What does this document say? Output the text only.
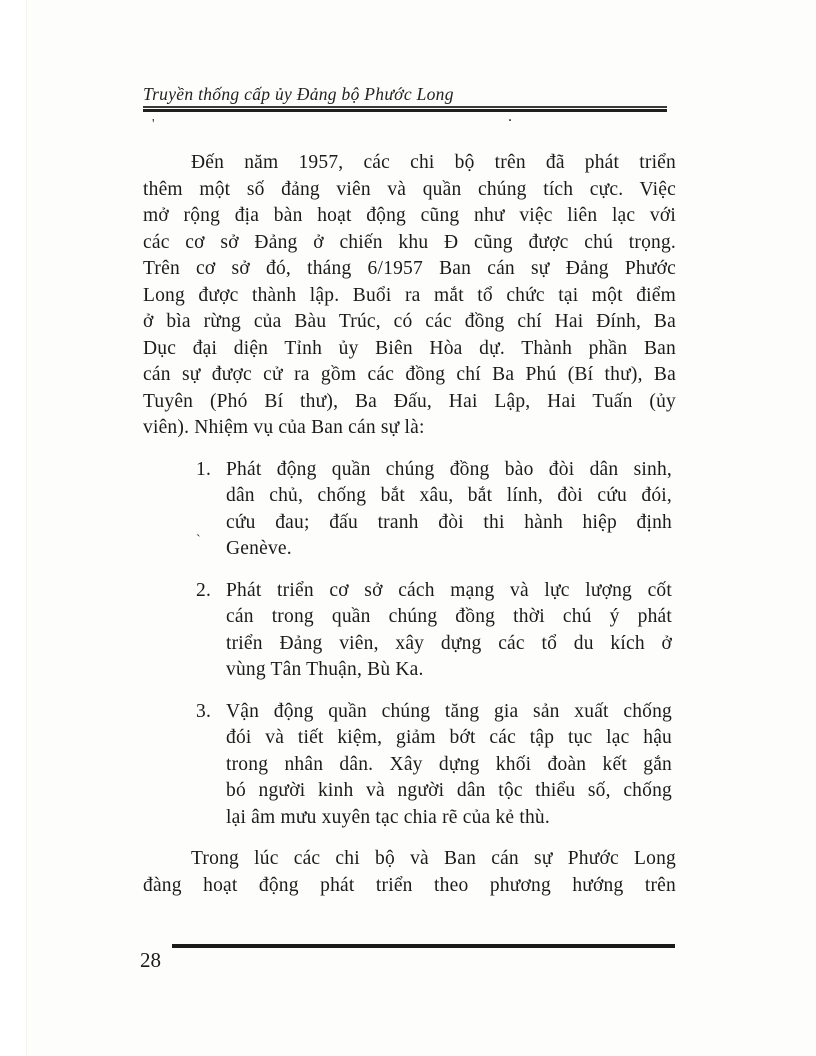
Truyền thống cấp ủy Đảng bộ Phước Long
'	.
`
Đến năm 1957, các chi bộ trên đã phát triển
thêm một số đảng viên và quần chúng tích cực. Việc
mở rộng địa bàn hoạt động cũng như việc liên lạc với
các cơ sở Đảng ở chiến khu Đ cũng được chú trọng.
Trên cơ sở đó, tháng 6/1957 Ban cán sự Đảng Phước
Long được thành lập. Buổi ra mắt tổ chức tại một điểm
ở bìa rừng của Bàu Trúc, có các đồng chí Hai Đính, Ba
Dục đại diện Tỉnh ủy Biên Hòa dự. Thành phần Ban
cán sự được cử ra gồm các đồng chí Ba Phú (Bí thư), Ba
Tuyên (Phó Bí thư), Ba Đấu, Hai Lập, Hai Tuấn (ủy
viên). Nhiệm vụ của Ban cán sự là:
1. Phát động quần chúng đồng bào đòi dân sinh,
dân chủ, chống bắt xâu, bắt lính, đòi cứu đói,
cứu đau; đấu tranh đòi thi hành hiệp định
Genève.
2. Phát triển cơ sở cách mạng và lực lượng cốt
cán trong quần chúng đồng thời chú ý phát
triển Đảng viên, xây dựng các tổ du kích ở
vùng Tân Thuận, Bù Ka.
3. Vận động quần chúng tăng gia sản xuất chống
đói và tiết kiệm, giảm bớt các tập tục lạc hậu
trong nhân dân. Xây dựng khối đoàn kết gắn
bó người kinh và người dân tộc thiểu số, chống
lại âm mưu xuyên tạc chia rẽ của kẻ thù.
Trong lúc các chi bộ và Ban cán sự Phước Long
đàng hoạt động phát triển theo phương hướng trên
28
